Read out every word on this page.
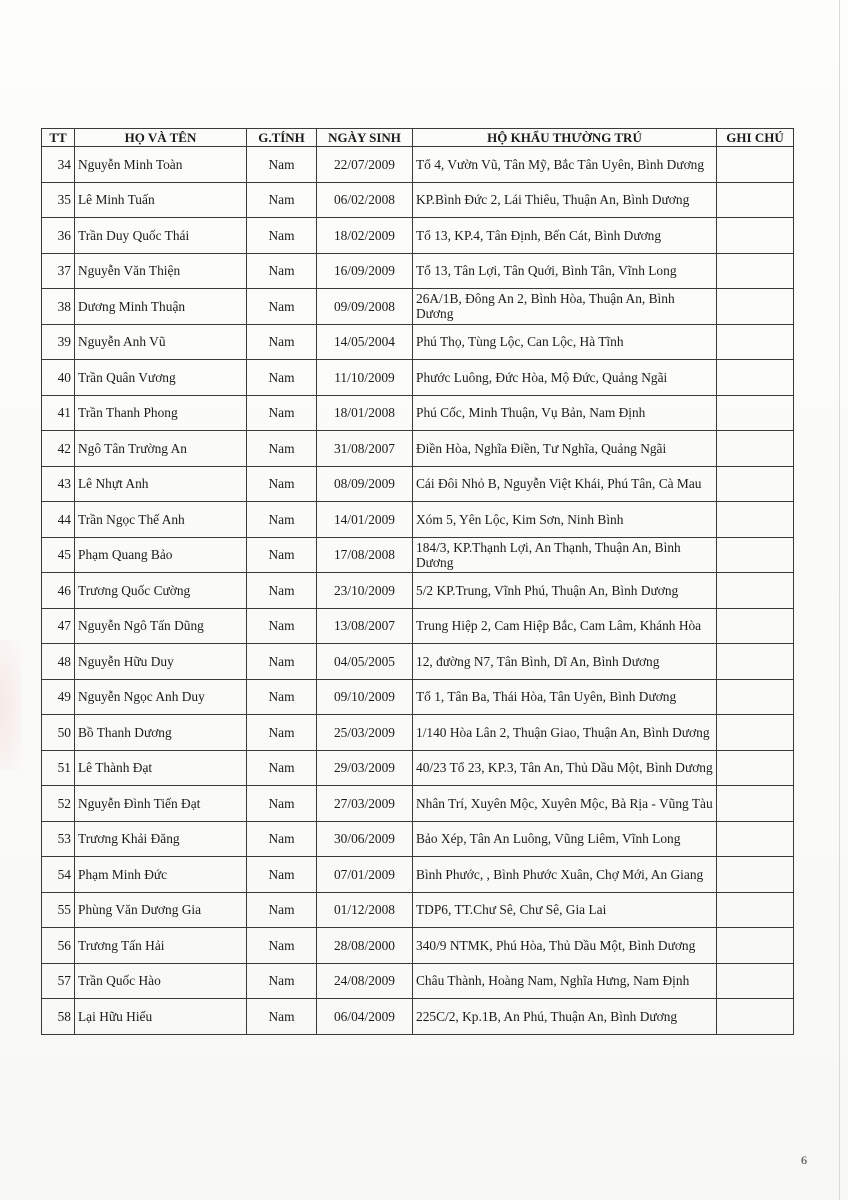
TT	HỌ VÀ TÊN	G.TÍNH	NGÀY SINH	HỘ KHẨU THƯỜNG TRÚ	GHI CHÚ
34	Nguyễn Minh Toàn	Nam	22/07/2009	Tổ 4, Vườn Vũ, Tân Mỹ, Bắc Tân Uyên, Bình Dương	
35	Lê Minh Tuấn	Nam	06/02/2008	KP.Bình Đức 2, Lái Thiêu, Thuận An, Bình Dương	
36	Trần Duy Quốc Thái	Nam	18/02/2009	Tổ 13, KP.4, Tân Định, Bến Cát, Bình Dương	
37	Nguyễn Văn Thiện	Nam	16/09/2009	Tổ 13, Tân Lợi, Tân Quới, Bình Tân, Vĩnh Long	
38	Dương Minh Thuận	Nam	09/09/2008	26A/1B, Đông An 2, Bình Hòa, Thuận An, Bình Dương	
39	Nguyễn Anh Vũ	Nam	14/05/2004	Phú Thọ, Tùng Lộc, Can Lộc, Hà Tĩnh	
40	Trần Quân Vương	Nam	11/10/2009	Phước Luông, Đức Hòa, Mộ Đức, Quảng Ngãi	
41	Trần Thanh Phong	Nam	18/01/2008	Phú Cốc, Minh Thuận, Vụ Bản, Nam Định	
42	Ngô Tân Trường An	Nam	31/08/2007	Điền Hòa, Nghĩa Điền, Tư Nghĩa, Quảng Ngãi	
43	Lê Nhựt Anh	Nam	08/09/2009	Cái Đôi Nhỏ B, Nguyễn Việt Khái, Phú Tân, Cà Mau	
44	Trần Ngọc Thế Anh	Nam	14/01/2009	Xóm 5, Yên Lộc, Kim Sơn, Ninh Bình	
45	Phạm Quang Bảo	Nam	17/08/2008	184/3, KP.Thạnh Lợi, An Thạnh, Thuận An, Bình Dương	
46	Trương Quốc Cường	Nam	23/10/2009	5/2 KP.Trung, Vĩnh Phú, Thuận An, Bình Dương	
47	Nguyễn Ngô Tấn Dũng	Nam	13/08/2007	Trung Hiệp 2, Cam Hiệp Bắc, Cam Lâm, Khánh Hòa	
48	Nguyễn Hữu Duy	Nam	04/05/2005	12, đường N7, Tân Bình, Dĩ An, Bình Dương	
49	Nguyễn Ngọc Anh Duy	Nam	09/10/2009	Tổ 1, Tân Ba, Thái Hòa, Tân Uyên, Bình Dương	
50	Bồ Thanh Dương	Nam	25/03/2009	1/140 Hòa Lân 2, Thuận Giao, Thuận An, Bình Dương	
51	Lê Thành Đạt	Nam	29/03/2009	40/23 Tổ 23, KP.3, Tân An, Thủ Dầu Một, Bình Dương	
52	Nguyễn Đình Tiến Đạt	Nam	27/03/2009	Nhân Trí, Xuyên Mộc, Xuyên Mộc, Bà Rịa - Vũng Tàu	
53	Trương Khải Đăng	Nam	30/06/2009	Bảo Xép, Tân An Luông, Vũng Liêm, Vĩnh Long	
54	Phạm Minh Đức	Nam	07/01/2009	Bình Phước, , Bình Phước Xuân, Chợ Mới, An Giang	
55	Phùng Văn Dương Gia	Nam	01/12/2008	TDP6, TT.Chư Sê, Chư Sê, Gia Lai	
56	Trương Tấn Hải	Nam	28/08/2000	340/9 NTMK, Phú Hòa, Thủ Dầu Một, Bình Dương	
57	Trần Quốc Hào	Nam	24/08/2009	Châu Thành, Hoàng Nam, Nghĩa Hưng, Nam Định	
58	Lại Hữu Hiếu	Nam	06/04/2009	225C/2, Kp.1B, An Phú, Thuận An, Bình Dương	
6
